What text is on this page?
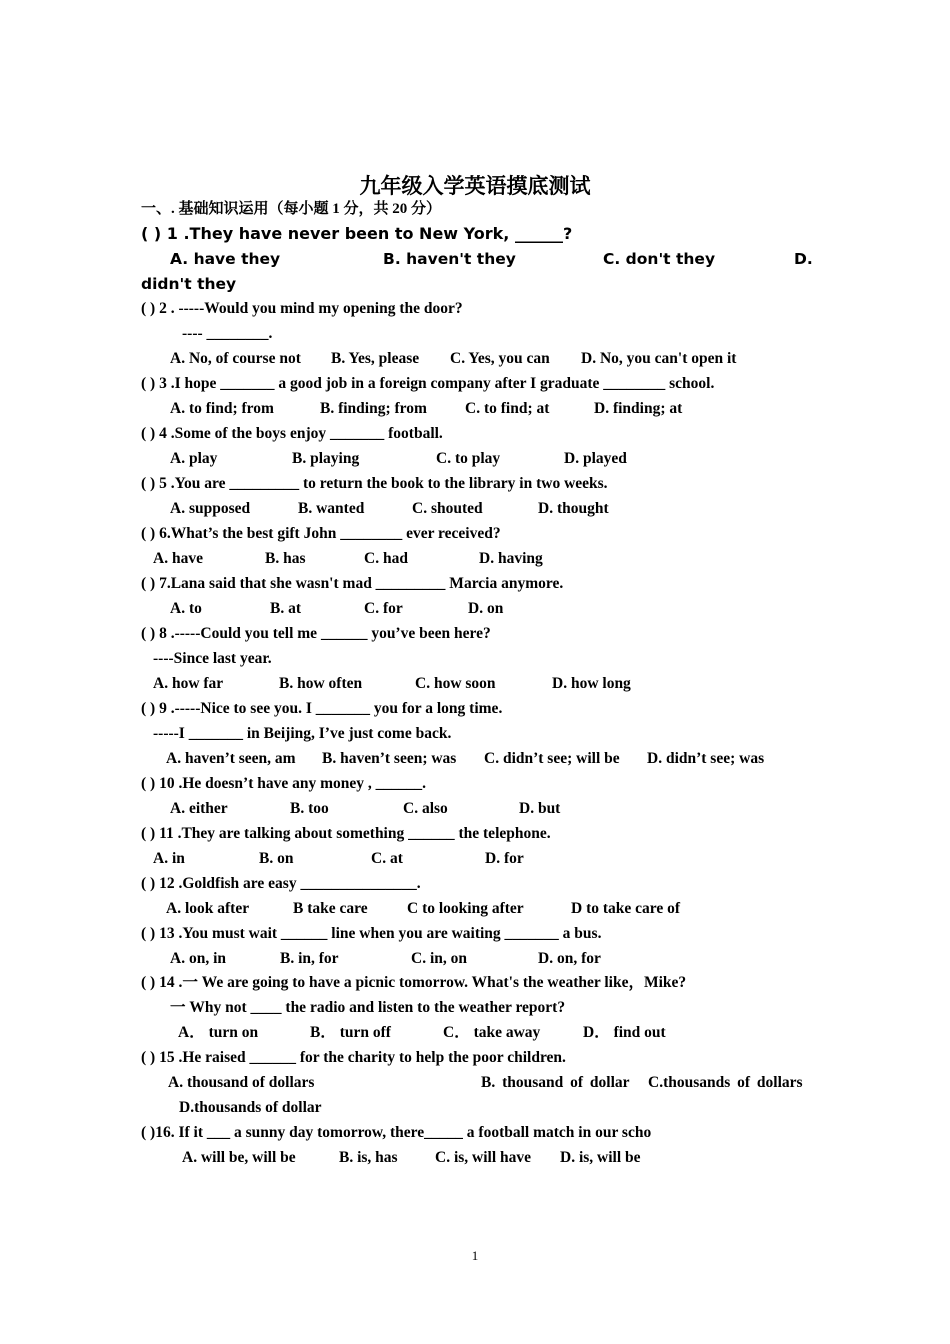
九年级入学英语摸底测试
一、. 基础知识运用（每小题 1 分，共 20 分）
( ) 1 .They have never been to New York, ______?
A. have they	B. haven't they	C. don't they	D.
didn't they
( ) 2 . -----Would you mind my opening the door?
---- ________.
A. No, of course not B. Yes, please C. Yes, you can D. No, you can't open it
( ) 3 .I hope _______ a good job in a foreign company after I graduate ________ school.
A. to find; from	B. finding; from C. to find; at	D. finding; at
( ) 4 .Some of the boys enjoy _______ football.
A. play	B. playing	C. to play	D. played
( ) 5 .You are _________ to return the book to the library in two weeks.
A. supposed	B. wanted	C. shouted	D. thought
( ) 6.What’s the best gift John ________ ever received?
A. have	B. has	C. had	D. having
( ) 7.Lana said that she wasn't mad _________ Marcia anymore.
A. to	B. at	C. for	D. on
( ) 8 .-----Could you tell me ______ you’ve been here?
----Since last year.
A. how far	B. how often	C. how soon	D. how long
( ) 9 .-----Nice to see you. I _______ you for a long time.
-----I _______ in Beijing, I’ve just come back.
A. haven’t seen, am B. haven’t seen; was C. didn’t see; will be D. didn’t see; was
( ) 10 .He doesn’t have any money , ______.
A. either	B. too	C. also	D. but
( ) 11 .They are talking about something ______ the telephone.
A. in	B. on	C. at	D. for
( ) 12 .Goldfish are easy _______________.
A. look after	B take care	C to looking after	D to take care of
( ) 13 .You must wait ______ line when you are waiting _______ a bus.
A. on, in	B. in, for	C. in, on	D. on, for
( ) 14 .一 We are going to have a picnic tomorrow. What's the weather like，Mike?
一 Why not ____ the radio and listen to the weather report?
A． turn on	B． turn off	C． take away	D． find out
( ) 15 .He raised ______ for the charity to help the poor children.
A. thousand of dollars	B. thousand of dollar C.thousands of dollars
D.thousands of dollar
( )16. If it ___ a sunny day tomorrow, there_____ a football match in our scho
A. will be, will be	B. is, has C. is, will have D. is, will be
1
